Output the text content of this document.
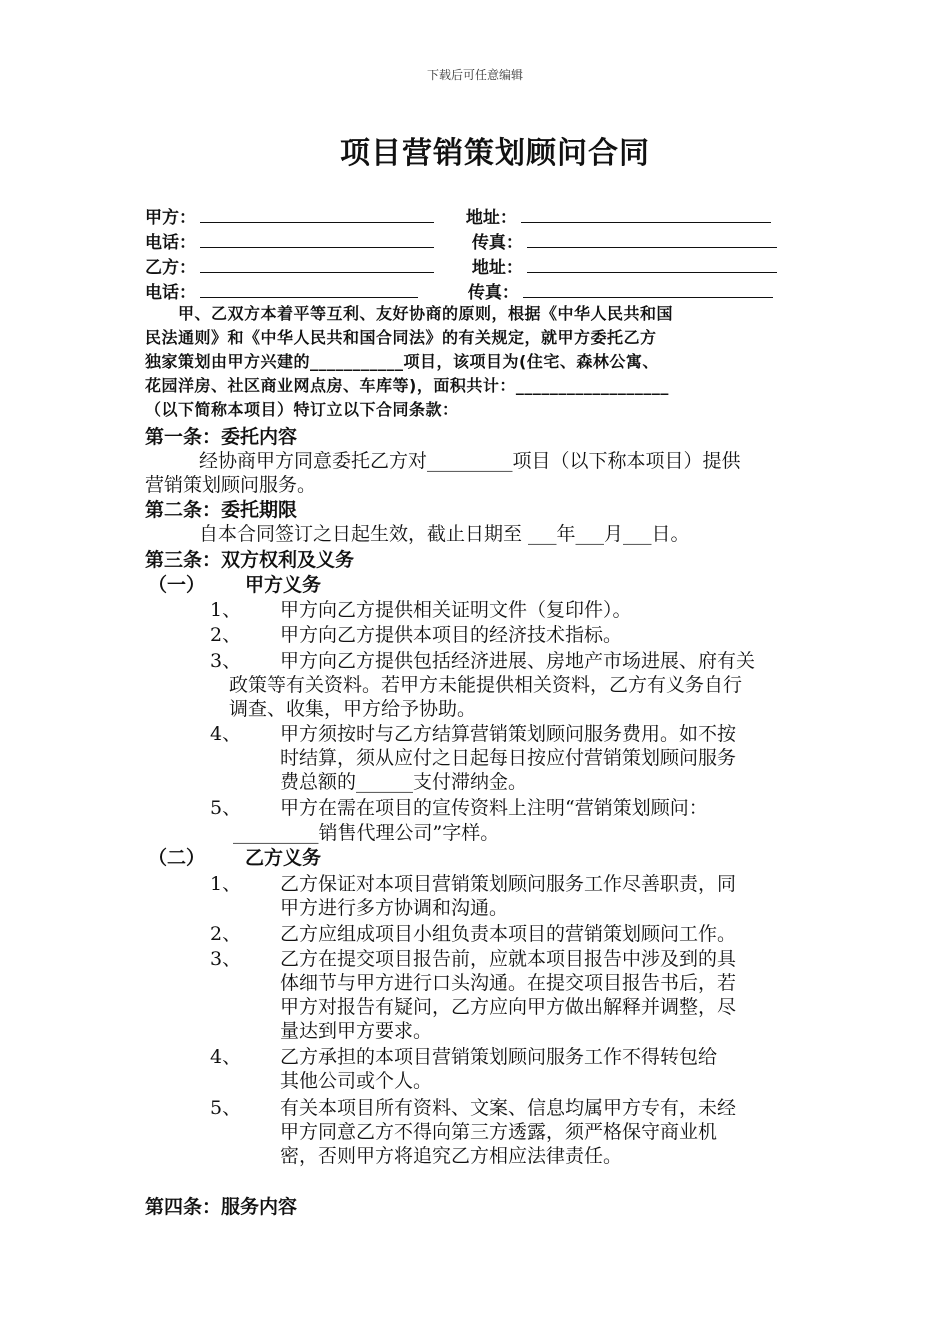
下载后可任意编辑
项目营销策划顾问合同
甲方：	地址：
电话：	传真：
乙方：	地址：
电话：	传真：
　　甲、乙双方本着平等互利、友好协商的原则，根据《中华人民共和国
民法通则》和《中华人民共和国合同法》的有关规定，就甲方委托乙方
独家策划由甲方兴建的___________项目，该项目为(住宅、森林公寓、
花园洋房、社区商业网点房、车库等)，面积共计：__________________
（以下简称本项目）特订立以下合同条款：
第一条：委托内容
经协商甲方同意委托乙方对_________项目（以下称本项目）提供
营销策划顾问服务。
第二条：委托期限
自本合同签订之日起生效，截止日期至 ___年___月___日。
第三条：双方权利及义务
（一） 甲方义务
1、 甲方向乙方提供相关证明文件（复印件）。
2、 甲方向乙方提供本项目的经济技术指标。
3、 甲方向乙方提供包括经济进展、房地产市场进展、府有关
政策等有关资料。若甲方未能提供相关资料，乙方有义务自行
调查、收集，甲方给予协助。
4、 甲方须按时与乙方结算营销策划顾问服务费用。如不按
时结算，须从应付之日起每日按应付营销策划顾问服务
费总额的______支付滞纳金。
5、 甲方在需在项目的宣传资料上注明“营销策划顾问：
_________销售代理公司”字样。
（二） 乙方义务
1、 乙方保证对本项目营销策划顾问服务工作尽善职责，同
甲方进行多方协调和沟通。
2、 乙方应组成项目小组负责本项目的营销策划顾问工作。
3、 乙方在提交项目报告前，应就本项目报告中涉及到的具
体细节与甲方进行口头沟通。在提交项目报告书后，若
甲方对报告有疑问，乙方应向甲方做出解释并调整，尽
量达到甲方要求。
4、 乙方承担的本项目营销策划顾问服务工作不得转包给
其他公司或个人。
5、 有关本项目所有资料、文案、信息均属甲方专有，未经
甲方同意乙方不得向第三方透露，须严格保守商业机
密，否则甲方将追究乙方相应法律责任。
第四条：服务内容
